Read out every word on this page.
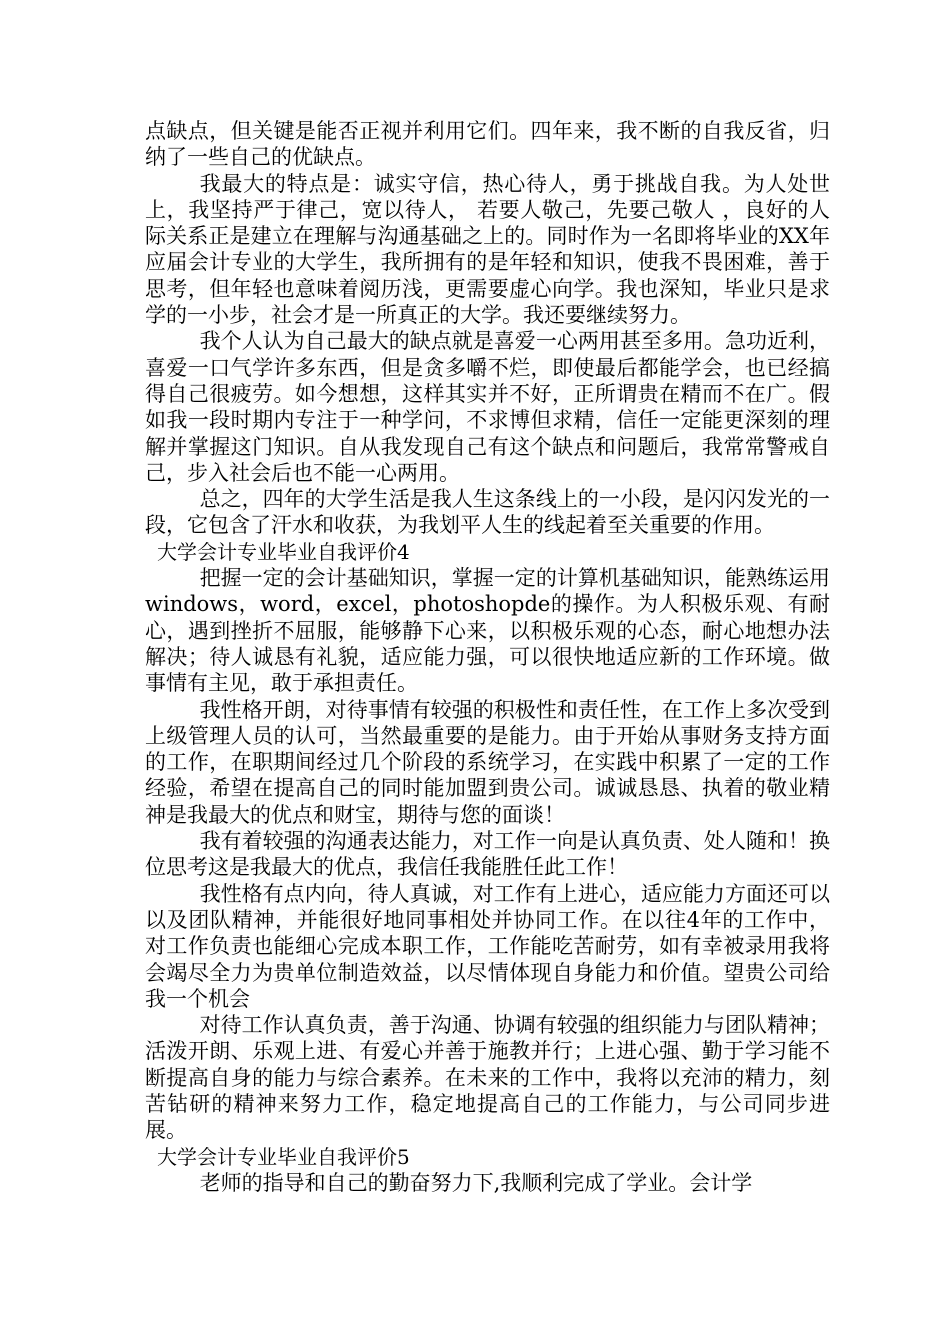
点缺点，但关键是能否正视并利用它们。四年来，我不断的自我反省，归纳了一些自己的优缺点。

我最大的特点是：诚实守信，热心待人，勇于挑战自我。为人处世上，我坚持严于律己，宽以待人， 若要人敬己，先要己敬人 ，良好的人际关系正是建立在理解与沟通基础之上的。同时作为一名即将毕业的XX年应届会计专业的大学生，我所拥有的是年轻和知识，使我不畏困难，善于思考，但年轻也意味着阅历浅，更需要虚心向学。我也深知，毕业只是求学的一小步，社会才是一所真正的大学。我还要继续努力。

我个人认为自己最大的缺点就是喜爱一心两用甚至多用。急功近利，喜爱一口气学许多东西，但是贪多嚼不烂，即使最后都能学会，也已经搞得自己很疲劳。如今想想，这样其实并不好，正所谓贵在精而不在广。假如我一段时期内专注于一种学问，不求博但求精，信任一定能更深刻的理解并掌握这门知识。自从我发现自己有这个缺点和问题后，我常常警戒自己，步入社会后也不能一心两用。

总之，四年的大学生活是我人生这条线上的一小段，是闪闪发光的一段，它包含了汗水和收获，为我划平人生的线起着至关重要的作用。

大学会计专业毕业自我评价4

把握一定的会计基础知识，掌握一定的计算机基础知识，能熟练运用windows，word，excel，photoshopde的操作。为人积极乐观、有耐心，遇到挫折不屈服，能够静下心来，以积极乐观的心态，耐心地想办法解决；待人诚恳有礼貌，适应能力强，可以很快地适应新的工作环境。做事情有主见，敢于承担责任。

我性格开朗，对待事情有较强的积极性和责任性，在工作上多次受到上级管理人员的认可，当然最重要的是能力。由于开始从事财务支持方面的工作，在职期间经过几个阶段的系统学习，在实践中积累了一定的工作经验，希望在提高自己的同时能加盟到贵公司。诚诚恳恳、执着的敬业精神是我最大的优点和财宝，期待与您的面谈！

我有着较强的沟通表达能力，对工作一向是认真负责、处人随和！换位思考这是我最大的优点，我信任我能胜任此工作！

我性格有点内向，待人真诚，对工作有上进心，适应能力方面还可以以及团队精神，并能很好地同事相处并协同工作。在以往4年的工作中，对工作负责也能细心完成本职工作，工作能吃苦耐劳，如有幸被录用我将会竭尽全力为贵单位制造效益，以尽情体现自身能力和价值。望贵公司给我一个机会

对待工作认真负责，善于沟通、协调有较强的组织能力与团队精神；活泼开朗、乐观上进、有爱心并善于施教并行；上进心强、勤于学习能不断提高自身的能力与综合素养。在未来的工作中，我将以充沛的精力，刻苦钻研的精神来努力工作，稳定地提高自己的工作能力，与公司同步进展。

大学会计专业毕业自我评价5

老师的指导和自己的勤奋努力下,我顺利完成了学业。会计学
